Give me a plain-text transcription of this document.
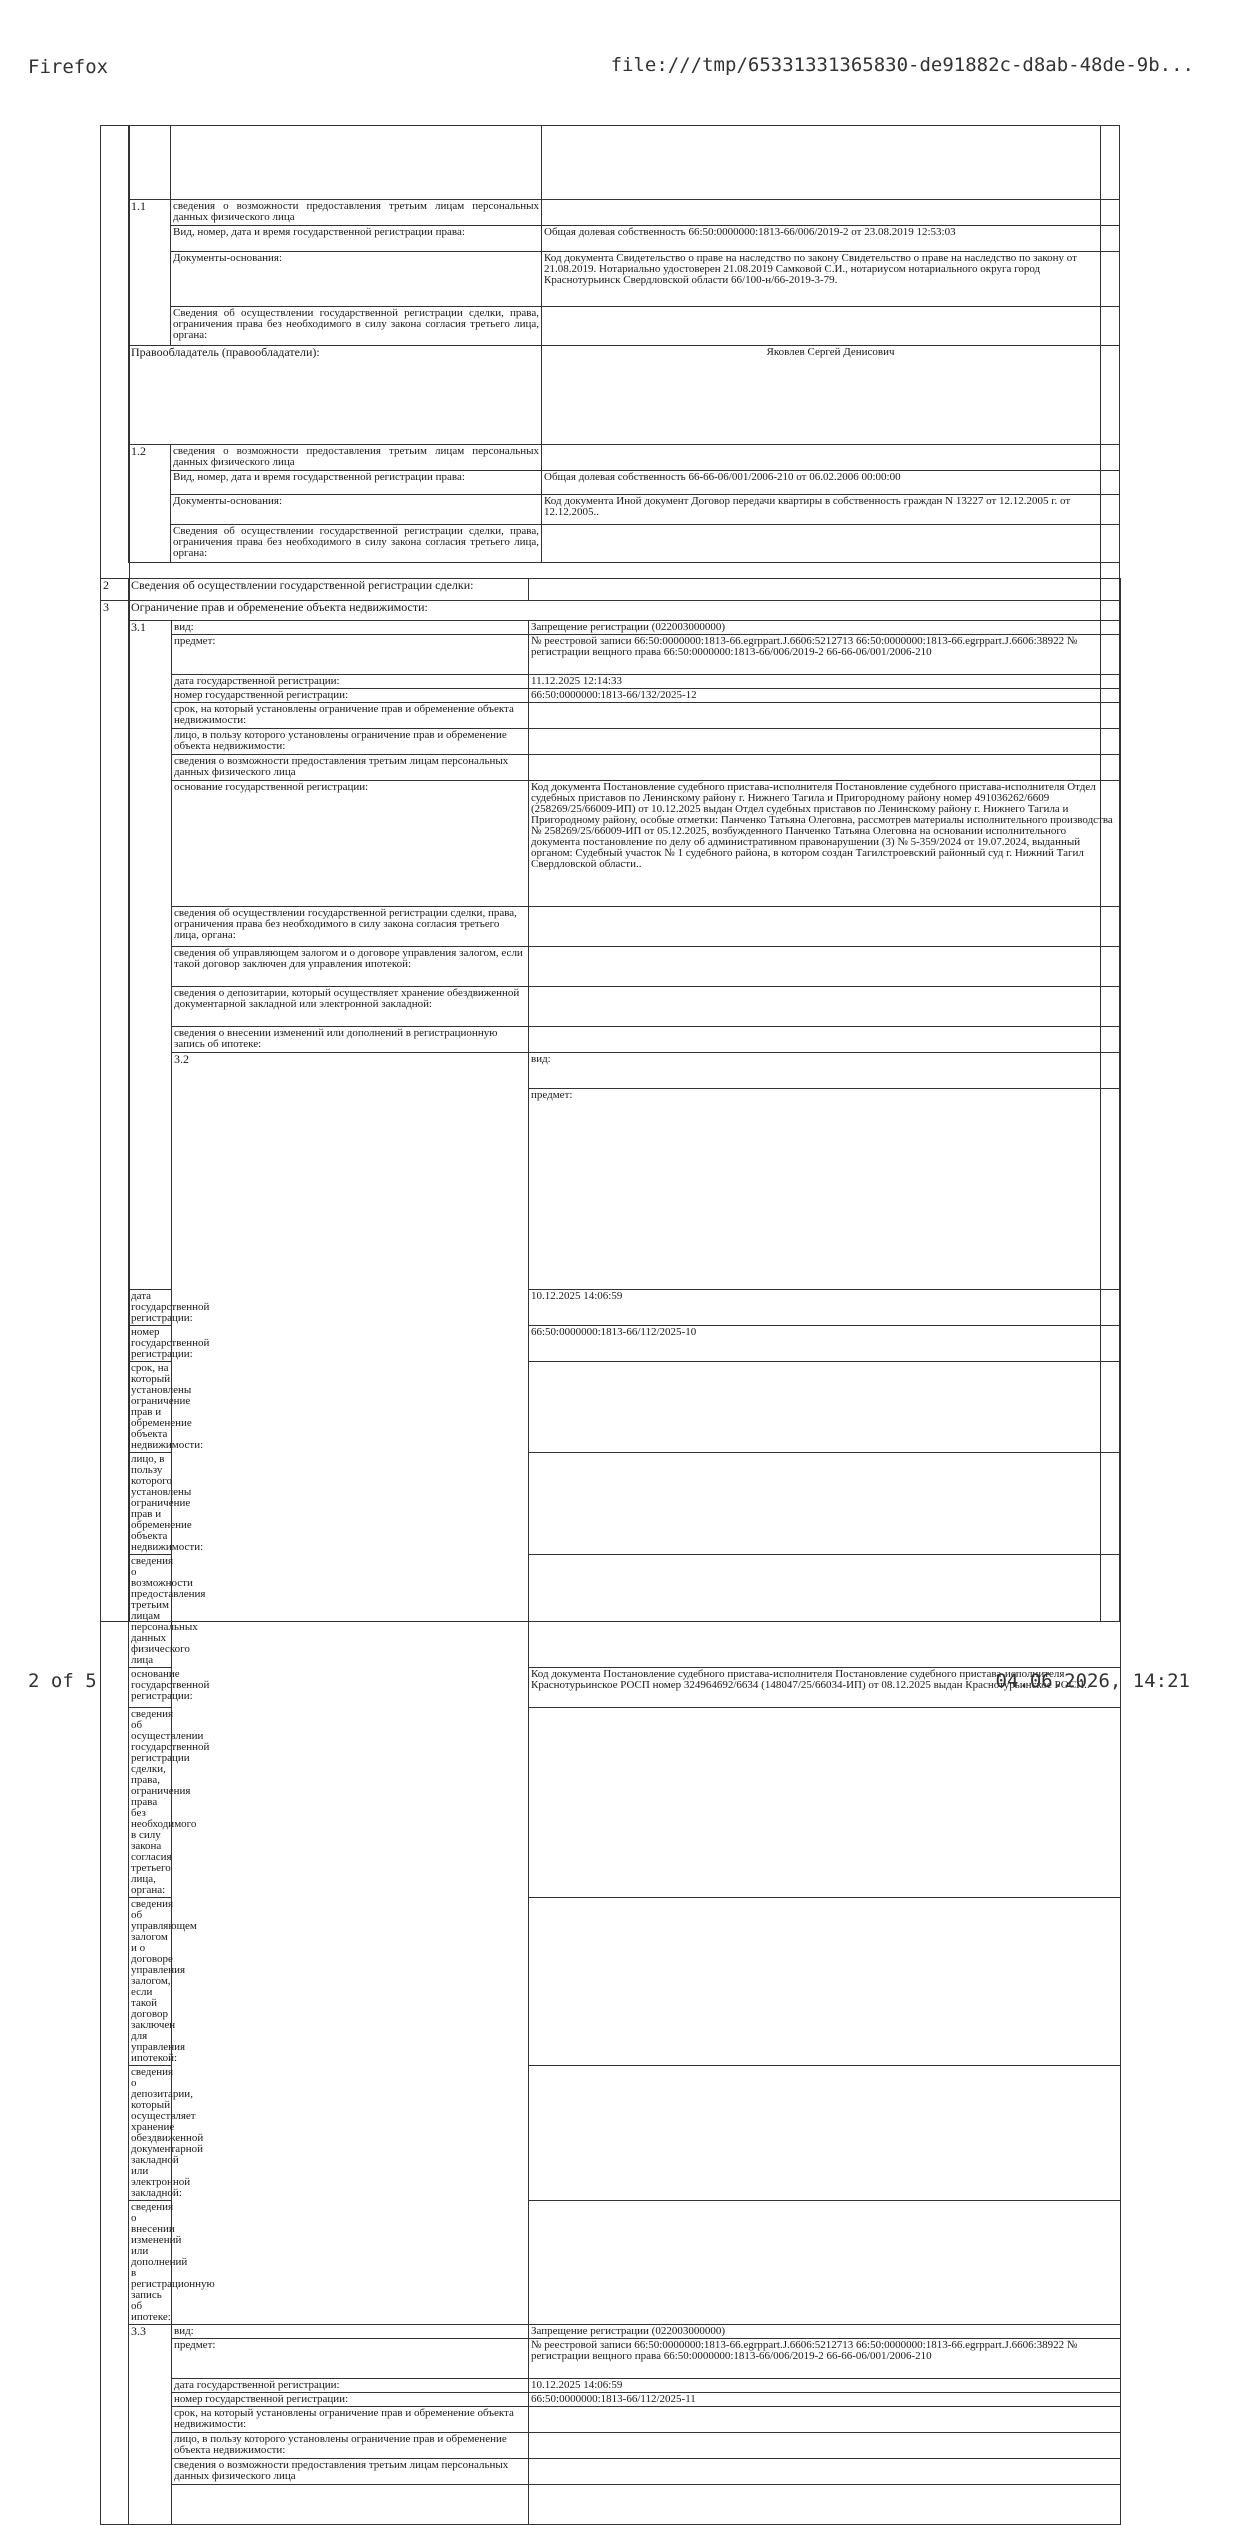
Firefox	file:///tmp/65331331365830-de91882c-d8ab-48de-9b...

1.1	сведения о возможности предоставления третьим лицам персональных данных физического лица	
	Вид, номер, дата и время государственной регистрации права:	Общая долевая собственность 66:50:0000000:1813-66/006/2019-2 от 23.08.2019 12:53:03
	Документы-основания:	Код документа Свидетельство о праве на наследство по закону Свидетельство о праве на наследство по закону от 21.08.2019. Нотариально удостоверен 21.08.2019 Самковой С.И., нотариусом нотариального округа город Краснотурьинск Свердловской области 66/100-н/66-2019-3-79.
	Сведения об осуществлении государственной регистрации сделки, права, ограничения права без необходимого в силу закона согласия третьего лица, органа:	
Правообладатель (правообладатели):		Яковлев Сергей Денисович
1.2	сведения о возможности предоставления третьим лицам персональных данных физического лица	
	Вид, номер, дата и время государственной регистрации права:	Общая долевая собственность 66-66-06/001/2006-210 от 06.02.2006 00:00:00
	Документы-основания:	Код документа Иной документ Договор передачи квартиры в собственность граждан N 13227 от 12.12.2005 г. от 12.12.2005..
	Сведения об осуществлении государственной регистрации сделки, права, ограничения права без необходимого в силу закона согласия третьего лица, органа:	
2	Сведения об осуществлении государственной регистрации сделки:			
3	Ограничение прав и обременение объекта недвижимости:			
	3.1	вид:	Запрещение регистрации (022003000000)	
		предмет:	№ реестровой записи 66:50:0000000:1813-66.egrppart.J.6606:5212713 66:50:0000000:1813-66.egrppart.J.6606:38922 № регистрации вещного права 66:50:0000000:1813-66/006/2019-2 66-66-06/001/2006-210	
		дата государственной регистрации:	11.12.2025 12:14:33	
		номер государственной регистрации:	66:50:0000000:1813-66/132/2025-12	
		срок, на который установлены ограничение прав и обременение объекта недвижимости:		
		лицо, в пользу которого установлены ограничение прав и обременение объекта недвижимости:		
		сведения о возможности предоставления третьим лицам персональных данных физического лица		
		основание государственной регистрации:	Код документа Постановление судебного пристава-исполнителя Постановление судебного пристава-исполнителя Отдел судебных приставов по Ленинскому району г. Нижнего Тагила и Пригородному району номер 491036262/6609 (258269/25/66009-ИП) от 10.12.2025 выдан Отдел судебных приставов по Ленинскому району г. Нижнего Тагила и Пригородному району, особые отметки: Панченко Татьяна Олеговна, рассмотрев материалы исполнительного производства № 258269/25/66009-ИП от 05.12.2025, возбужденного Панченко Татьяна Олеговна на основании исполнительного документа постановление по делу об административном правонарушении (3) № 5-359/2024 от 19.07.2024, выданный органом: Судебный участок № 1 судебного района, в котором создан Тагилстроевский районный суд г. Нижний Тагил Свердловской области..	
		сведения об осуществлении государственной регистрации сделки, права, ограничения права без необходимого в силу закона согласия третьего лица, органа:		
		сведения об управляющем залогом и о договоре управления залогом, если такой договор заключен для управления ипотекой:		
		сведения о депозитарии, который осуществляет хранение обездвиженной документарной закладной или электронной закладной:		
		сведения о внесении изменений или дополнений в регистрационную запись об ипотеке:		
		3.2	вид:	
			предмет:	
	дата государственной регистрации:		10.12.2025 14:06:59	
	номер государственной регистрации:		66:50:0000000:1813-66/112/2025-10	
	срок, на который установлены ограничение прав и обременение объекта недвижимости:			
	лицо, в пользу которого установлены ограничение прав и обременение объекта недвижимости:			
	сведения о возможности предоставления третьим лицам персональных данных физического лица			
	основание государственной регистрации:		Код документа Постановление судебного пристава-исполнителя Постановление судебного пристава-исполнителя Краснотурьинское РОСП номер 324964692/6634 (148047/25/66034-ИП) от 08.12.2025 выдан Краснотурьинское РОСП..	
	сведения об осуществлении государственной регистрации сделки, права, ограничения права без необходимого в силу закона согласия третьего лица, органа:			
	сведения об управляющем залогом и о договоре управления залогом, если такой договор заключен для управления ипотекой:			
	сведения о депозитарии, который осуществляет хранение обездвиженной документарной закладной или электронной закладной:			
	сведения о внесении изменений или дополнений в регистрационную запись об ипотеке:			
	3.3	вид:	Запрещение регистрации (022003000000)	
		предмет:	№ реестровой записи 66:50:0000000:1813-66.egrppart.J.6606:5212713 66:50:0000000:1813-66.egrppart.J.6606:38922 № регистрации вещного права 66:50:0000000:1813-66/006/2019-2 66-66-06/001/2006-210	
		дата государственной регистрации:	10.12.2025 14:06:59	
		номер государственной регистрации:	66:50:0000000:1813-66/112/2025-11	
		срок, на который установлены ограничение прав и обременение объекта недвижимости:		
		лицо, в пользу которого установлены ограничение прав и обременение объекта недвижимости:		
		сведения о возможности предоставления третьим лицам персональных данных физического лица		

2 of 5	04.06.2026, 14:21
